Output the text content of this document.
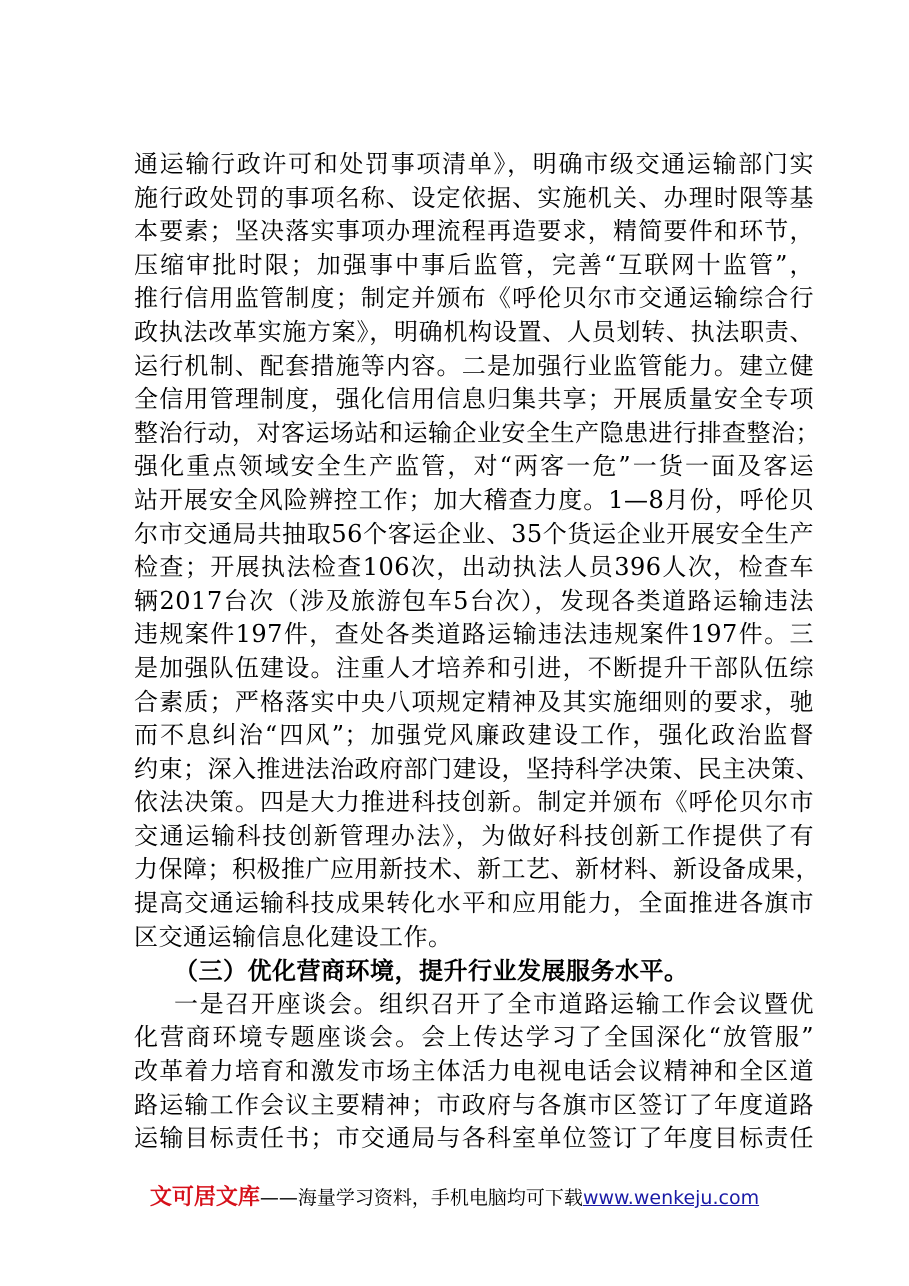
通运输行政许可和处罚事项清单》，明确市级交通运输部门实
施行政处罚的事项名称、设定依据、实施机关、办理时限等基
本要素；坚决落实事项办理流程再造要求，精简要件和环节，
压缩审批时限；加强事中事后监管，完善“互联网十监管”，
推行信用监管制度；制定并颁布《呼伦贝尔市交通运输综合行
政执法改革实施方案》，明确机构设置、人员划转、执法职责、
运行机制、配套措施等内容。二是加强行业监管能力。建立健
全信用管理制度，强化信用信息归集共享；开展质量安全专项
整治行动，对客运场站和运输企业安全生产隐患进行排查整治；
强化重点领域安全生产监管，对“两客一危”一货一面及客运
站开展安全风险辨控工作；加大稽查力度。1—8月份，呼伦贝
尔市交通局共抽取56个客运企业、35个货运企业开展安全生产
检查；开展执法检查106次，出动执法人员396人次，检查车
辆2017台次（涉及旅游包车5台次），发现各类道路运输违法
违规案件197件，查处各类道路运输违法违规案件197件。三
是加强队伍建设。注重人才培养和引进，不断提升干部队伍综
合素质；严格落实中央八项规定精神及其实施细则的要求，驰
而不息纠治“四风”；加强党风廉政建设工作，强化政治监督
约束；深入推进法治政府部门建设，坚持科学决策、民主决策、
依法决策。四是大力推进科技创新。制定并颁布《呼伦贝尔市
交通运输科技创新管理办法》，为做好科技创新工作提供了有
力保障；积极推广应用新技术、新工艺、新材料、新设备成果，
提高交通运输科技成果转化水平和应用能力，全面推进各旗市
区交通运输信息化建设工作。
（三）优化营商环境，提升行业发展服务水平。
一是召开座谈会。组织召开了全市道路运输工作会议暨优
化营商环境专题座谈会。会上传达学习了全国深化“放管服”
改革着力培育和激发市场主体活力电视电话会议精神和全区道
路运输工作会议主要精神；市政府与各旗市区签订了年度道路
运输目标责任书；市交通局与各科室单位签订了年度目标责任
文可居文库——海量学习资料，手机电脑均可下载www.wenkeju.com
